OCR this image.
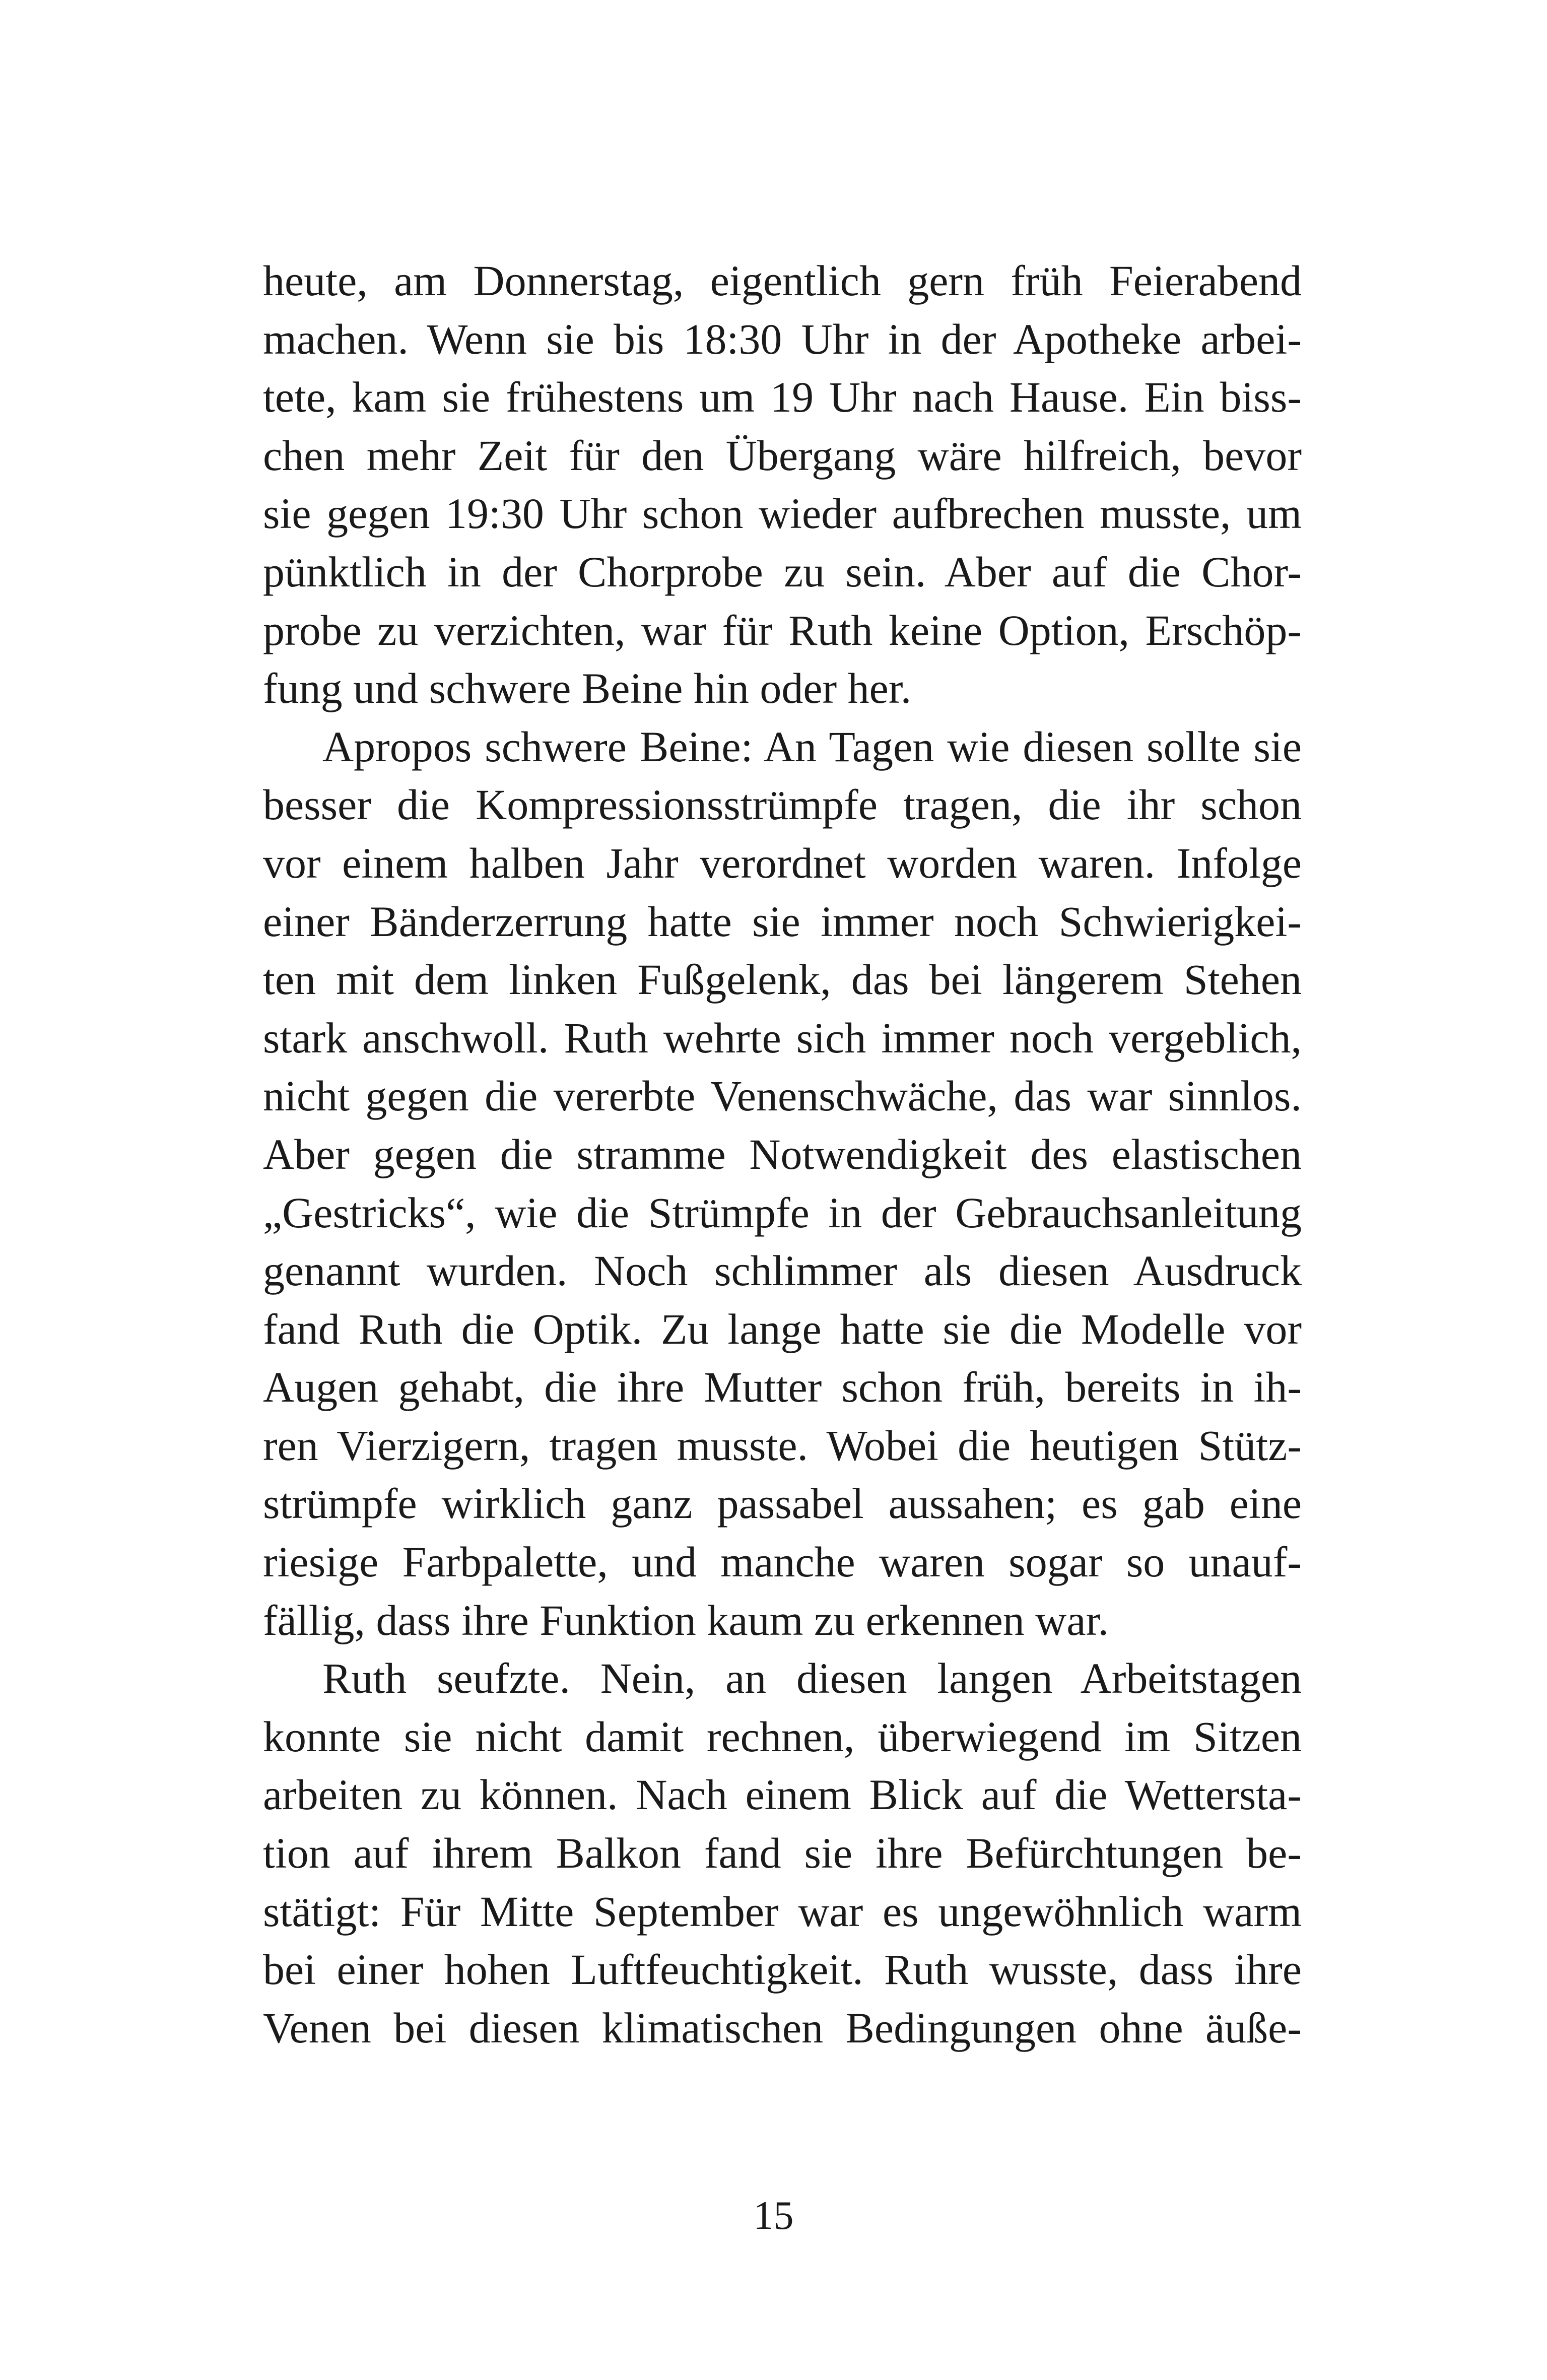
heute, am Donnerstag, eigentlich gern früh Feierabend
machen. Wenn sie bis 18:30 Uhr in der Apotheke arbei-
tete, kam sie frühestens um 19 Uhr nach Hause. Ein biss-
chen mehr Zeit für den Übergang wäre hilfreich, bevor
sie gegen 19:30 Uhr schon wieder aufbrechen musste, um
pünktlich in der Chorprobe zu sein. Aber auf die Chor-
probe zu verzichten, war für Ruth keine Option, Erschöp-
fung und schwere Beine hin oder her.
Apropos schwere Beine: An Tagen wie diesen sollte sie
besser die Kompressionsstrümpfe tragen, die ihr schon
vor einem halben Jahr verordnet worden waren. Infolge
einer Bänderzerrung hatte sie immer noch Schwierigkei-
ten mit dem linken Fußgelenk, das bei längerem Stehen
stark anschwoll. Ruth wehrte sich immer noch vergeblich,
nicht gegen die vererbte Venenschwäche, das war sinnlos.
Aber gegen die stramme Notwendigkeit des elastischen
„Gestricks“, wie die Strümpfe in der Gebrauchsanleitung
genannt wurden. Noch schlimmer als diesen Ausdruck
fand Ruth die Optik. Zu lange hatte sie die Modelle vor
Augen gehabt, die ihre Mutter schon früh, bereits in ih-
ren Vierzigern, tragen musste. Wobei die heutigen Stütz-
strümpfe wirklich ganz passabel aussahen; es gab eine
riesige Farbpalette, und manche waren sogar so unauf-
fällig, dass ihre Funktion kaum zu erkennen war.
Ruth seufzte. Nein, an diesen langen Arbeitstagen
konnte sie nicht damit rechnen, überwiegend im Sitzen
arbeiten zu können. Nach einem Blick auf die Wettersta-
tion auf ihrem Balkon fand sie ihre Befürchtungen be-
stätigt: Für Mitte September war es ungewöhnlich warm
bei einer hohen Luftfeuchtigkeit. Ruth wusste, dass ihre
Venen bei diesen klimatischen Bedingungen ohne äuße-
15
